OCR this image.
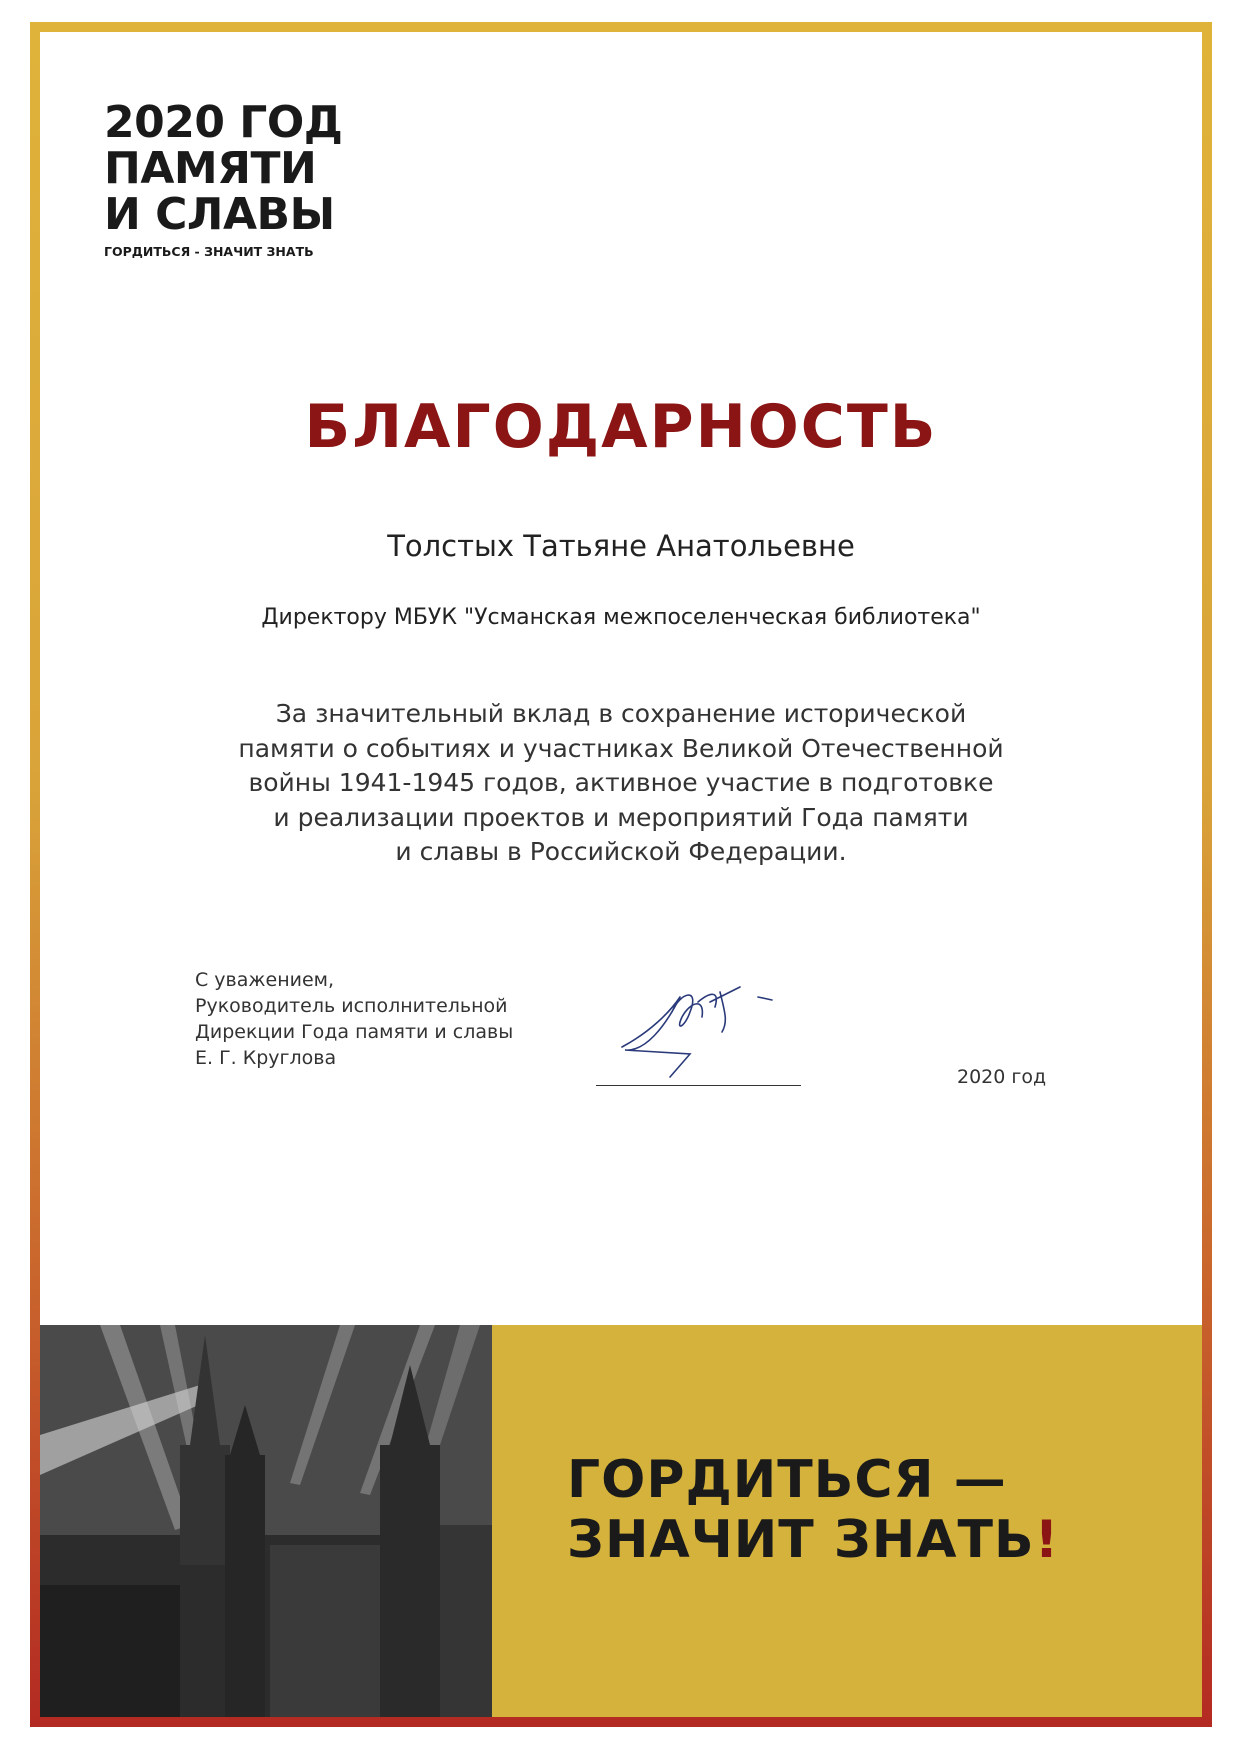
2020 ГОД
ПАМЯТИ
И СЛАВЫ
ГОРДИТЬСЯ - ЗНАЧИТ ЗНАТЬ
БЛАГОДАРНОСТЬ
Толстых Татьяне Анатольевне
Директору МБУК "Усманская межпоселенческая библиотека"
За значительный вклад в сохранение исторической
памяти о событиях и участниках Великой Отечественной
войны 1941-1945 годов, активное участие в подготовке
и реализации проектов и мероприятий Года памяти
и славы в Российской Федерации.
С уважением,
Руководитель исполнительной
Дирекции Года памяти и славы
Е. Г. Круглова
2020 год
ГОРДИТЬСЯ —
ЗНАЧИТ ЗНАТЬ!
